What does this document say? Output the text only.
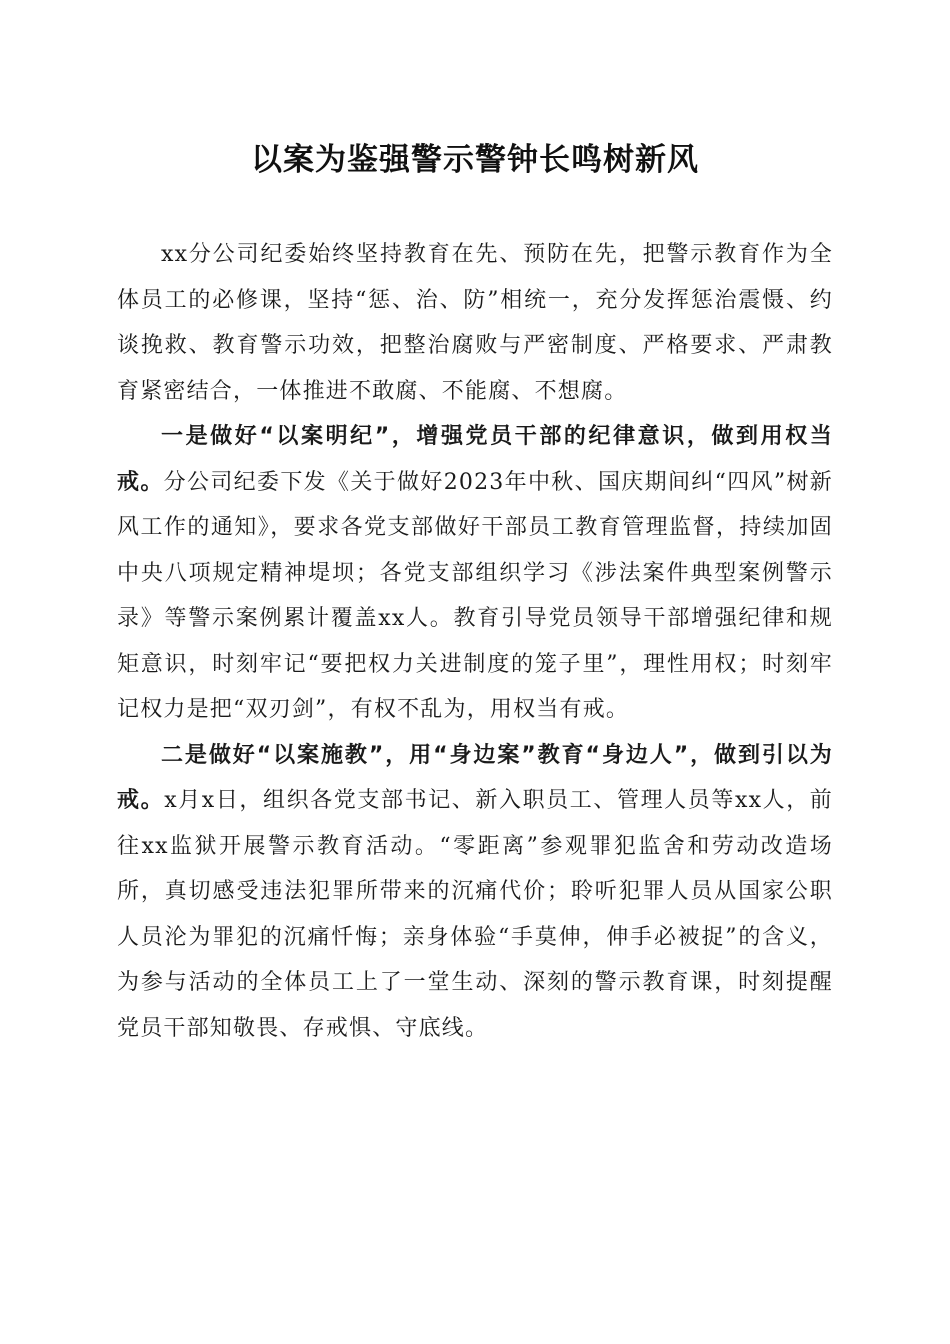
以案为鉴强警示警钟长鸣树新风

xx分公司纪委始终坚持教育在先、预防在先，把警示教育作为全体员工的必修课，坚持“惩、治、防”相统一，充分发挥惩治震慑、约谈挽救、教育警示功效，把整治腐败与严密制度、严格要求、严肃教育紧密结合，一体推进不敢腐、不能腐、不想腐。

一是做好“以案明纪”，增强党员干部的纪律意识，做到用权当戒。分公司纪委下发《关于做好2023年中秋、国庆期间纠“四风”树新风工作的通知》，要求各党支部做好干部员工教育管理监督，持续加固中央八项规定精神堤坝；各党支部组织学习《涉法案件典型案例警示录》等警示案例累计覆盖xx人。教育引导党员领导干部增强纪律和规矩意识，时刻牢记“要把权力关进制度的笼子里”，理性用权；时刻牢记权力是把“双刃剑”，有权不乱为，用权当有戒。

二是做好“以案施教”，用“身边案”教育“身边人”，做到引以为戒。x月x日，组织各党支部书记、新入职员工、管理人员等xx人，前往xx监狱开展警示教育活动。“零距离”参观罪犯监舍和劳动改造场所，真切感受违法犯罪所带来的沉痛代价；聆听犯罪人员从国家公职人员沦为罪犯的沉痛忏悔；亲身体验“手莫伸，伸手必被捉”的含义，为参与活动的全体员工上了一堂生动、深刻的警示教育课，时刻提醒党员干部知敬畏、存戒惧、守底线。
